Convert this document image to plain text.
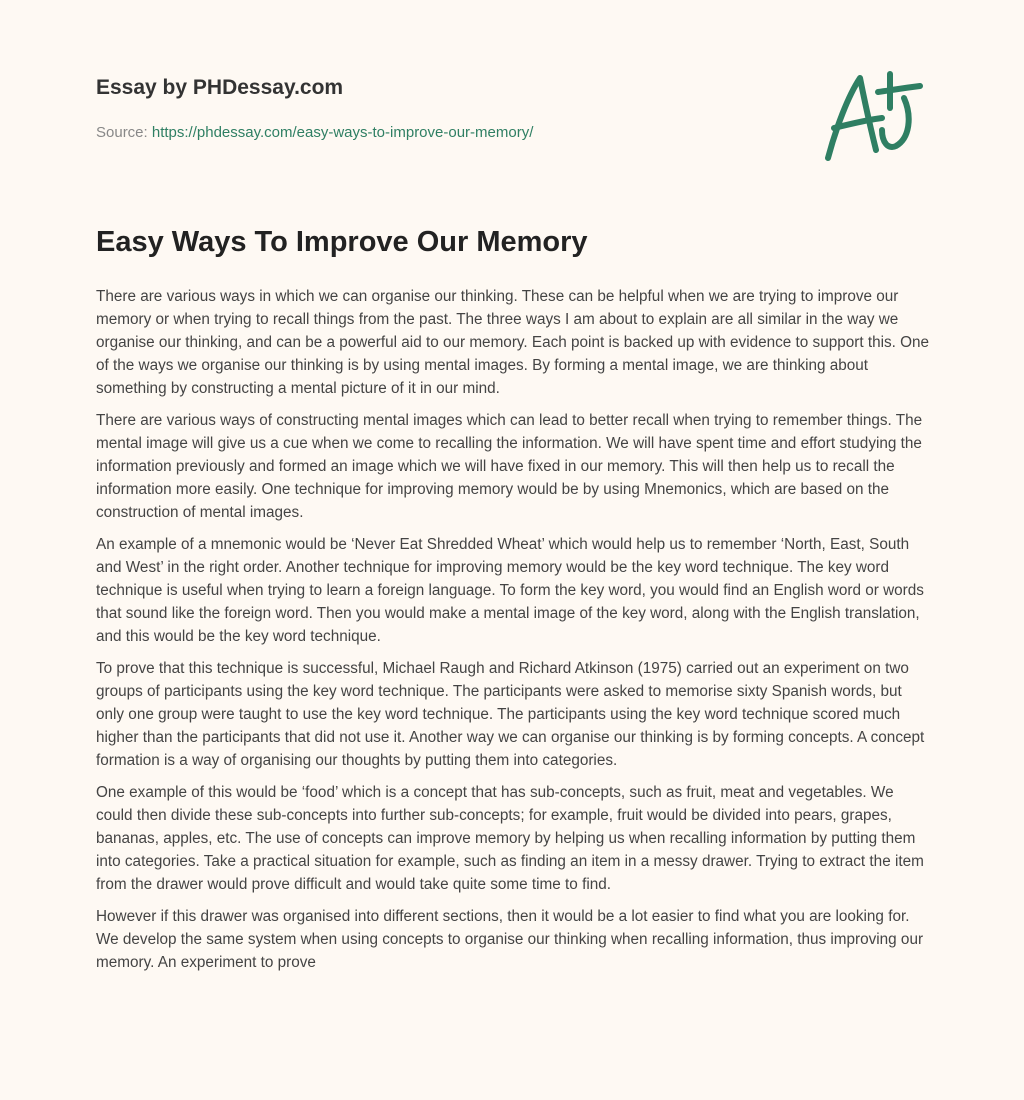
Essay by PHDessay.com
Source: https://phdessay.com/easy-ways-to-improve-our-memory/
Easy Ways To Improve Our Memory

There are various ways in which we can organise our thinking. These can be helpful when we are trying to improve our memory or when trying to recall things from the past. The three ways I am about to explain are all similar in the way we organise our thinking, and can be a powerful aid to our memory. Each point is backed up with evidence to support this. One of the ways we organise our thinking is by using mental images. By forming a mental image, we are thinking about something by constructing a mental picture of it in our mind.

There are various ways of constructing mental images which can lead to better recall when trying to remember things. The mental image will give us a cue when we come to recalling the information. We will have spent time and effort studying the information previously and formed an image which we will have fixed in our memory. This will then help us to recall the information more easily. One technique for improving memory would be by using Mnemonics, which are based on the construction of mental images.

An example of a mnemonic would be ‘Never Eat Shredded Wheat’ which would help us to remember ‘North, East, South and West’ in the right order. Another technique for improving memory would be the key word technique. The key word technique is useful when trying to learn a foreign language. To form the key word, you would find an English word or words that sound like the foreign word. Then you would make a mental image of the key word, along with the English translation, and this would be the key word technique.

To prove that this technique is successful, Michael Raugh and Richard Atkinson (1975) carried out an experiment on two groups of participants using the key word technique. The participants were asked to memorise sixty Spanish words, but only one group were taught to use the key word technique. The participants using the key word technique scored much higher than the participants that did not use it. Another way we can organise our thinking is by forming concepts. A concept formation is a way of organising our thoughts by putting them into categories.

One example of this would be ‘food’ which is a concept that has sub-concepts, such as fruit, meat and vegetables. We could then divide these sub-concepts into further sub-concepts; for example, fruit would be divided into pears, grapes, bananas, apples, etc. The use of concepts can improve memory by helping us when recalling information by putting them into categories. Take a practical situation for example, such as finding an item in a messy drawer. Trying to extract the item from the drawer would prove difficult and would take quite some time to find.

However if this drawer was organised into different sections, then it would be a lot easier to find what you are looking for. We develop the same system when using concepts to organise our thinking when recalling information, thus improving our memory. An experiment to prove
